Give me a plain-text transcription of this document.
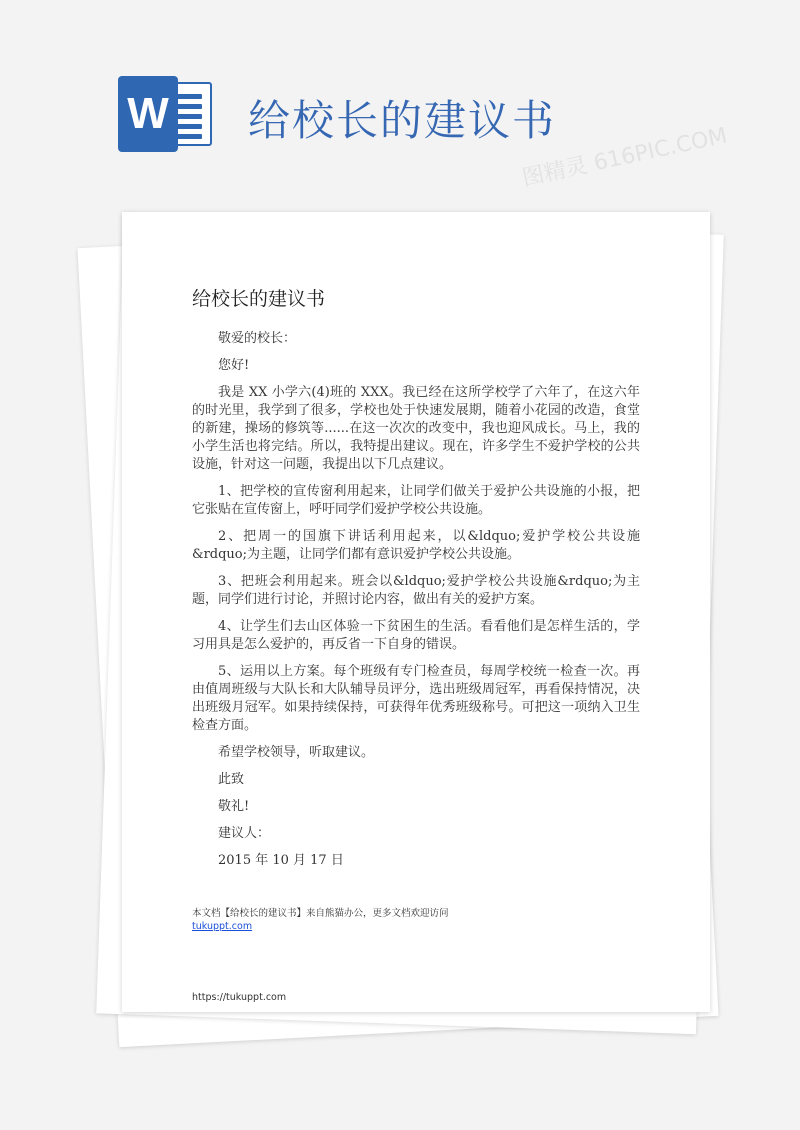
W 给校长的建议书
图精灵 616PIC.COM
给校长的建议书

敬爱的校长：

您好!

我是 XX 小学六(4)班的 XXX。我已经在这所学校学了六年了，在这六年的时光里，我学到了很多，学校也处于快速发展期，随着小花园的改造，食堂的新建，操场的修筑等......在这一次次的改变中，我也迎风成长。马上，我的小学生活也将完结。所以，我特提出建议。现在，许多学生不爱护学校的公共设施，针对这一问题，我提出以下几点建议。

1、把学校的宣传窗利用起来，让同学们做关于爱护公共设施的小报，把它张贴在宣传窗上，呼吁同学们爱护学校公共设施。

2、把周一的国旗下讲话利用起来，以&ldquo;爱护学校公共设施&rdquo;为主题，让同学们都有意识爱护学校公共设施。

3、把班会利用起来。班会以&ldquo;爱护学校公共设施&rdquo;为主题，同学们进行讨论，并照讨论内容，做出有关的爱护方案。

4、让学生们去山区体验一下贫困生的生活。看看他们是怎样生活的，学习用具是怎么爱护的，再反省一下自身的错误。

5、运用以上方案。每个班级有专门检查员，每周学校统一检查一次。再由值周班级与大队长和大队辅导员评分，选出班级周冠军，再看保持情况，决出班级月冠军。如果持续保持，可获得年优秀班级称号。可把这一项纳入卫生检查方面。

希望学校领导，听取建议。

此致

敬礼!

建议人：

2015 年 10 月 17 日

本文档【给校长的建议书】来自熊猫办公，更多文档欢迎访问
tukuppt.com
https://tukuppt.com
